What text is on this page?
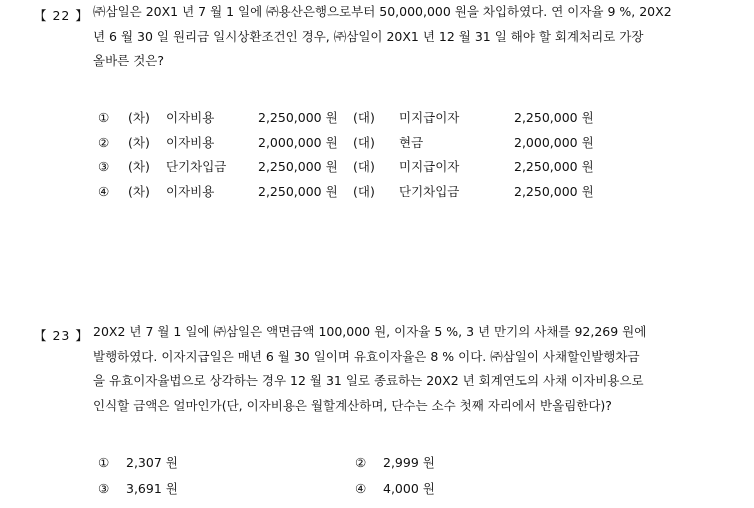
【 22 】 ㈜삼일은 20X1 년 7 월 1 일에 ㈜용산은행으로부터 50,000,000 원을 차입하였다. 연 이자율 9 %, 20X2
년 6 월 30 일 원리금 일시상환조건인 경우, ㈜삼일이 20X1 년 12 월 31 일 해야 할 회계처리로 가장
올바른 것은?
① (차) 이자비용	2,250,000 원 (대) 미지급이자	2,250,000 원
② (차) 이자비용	2,000,000 원 (대) 현금	2,000,000 원
③ (차) 단기차입금	2,250,000 원 (대) 미지급이자	2,250,000 원
④ (차) 이자비용	2,250,000 원 (대) 단기차입금	2,250,000 원
【 23 】 20X2 년 7 월 1 일에 ㈜삼일은 액면금액 100,000 원, 이자율 5 %, 3 년 만기의 사채를 92,269 원에
발행하였다. 이자지급일은 매년 6 월 30 일이며 유효이자율은 8 % 이다. ㈜삼일이 사채할인발행차금
을 유효이자율법으로 상각하는 경우 12 월 31 일로 종료하는 20X2 년 회계연도의 사채 이자비용으로
인식할 금액은 얼마인가(단, 이자비용은 월할계산하며, 단수는 소수 첫째 자리에서 반올림한다)?
① 2,307 원	② 2,999 원
③ 3,691 원	④ 4,000 원
